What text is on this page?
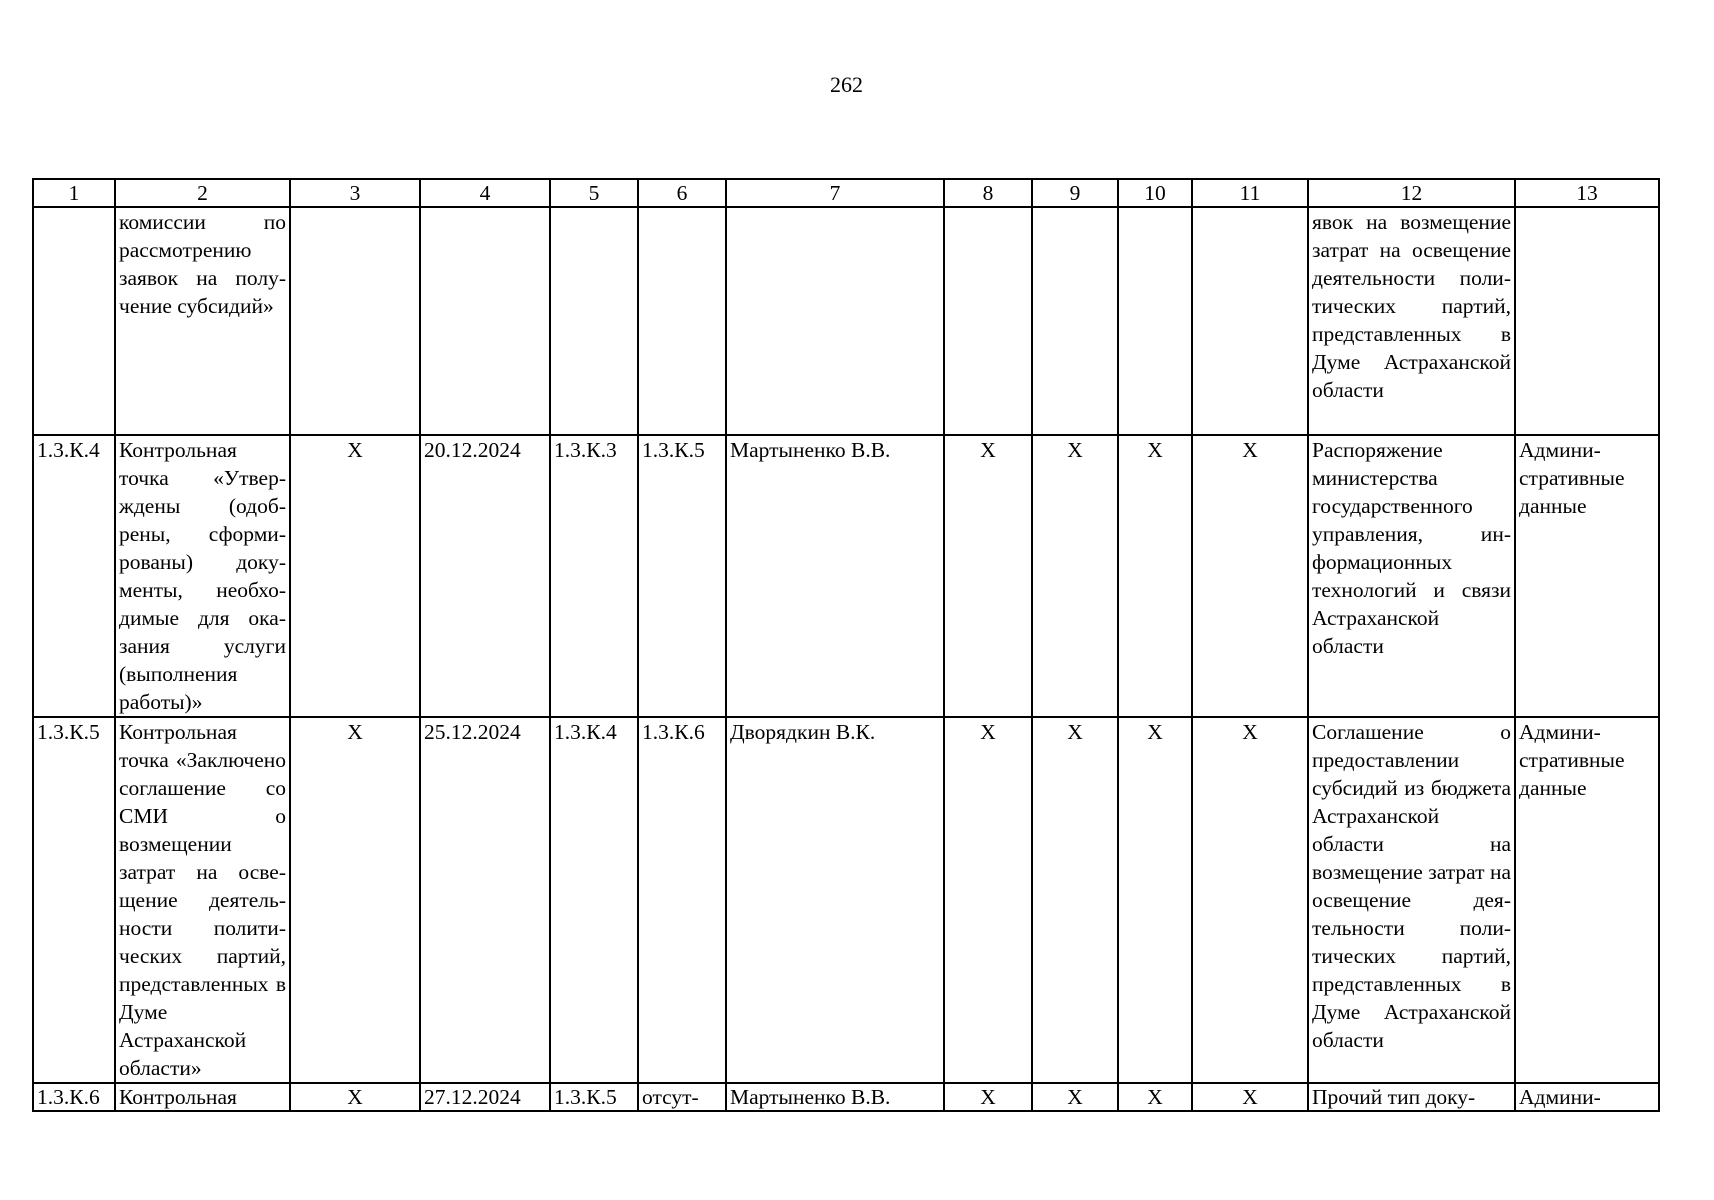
262
1	2	3	4	5	6	7	8	9	10	11	12	13
	комиссии по рассмотрению заявок на получение субсидий»										явок на возмещение затрат на освещение деятельности политических партий, представленных в Думе Астраханской области	
1.3.К.4	Контрольная точка «Утверждены (одобрены, сформированы) документы, необходимые для оказания услуги (выполнения работы)»	Х	20.12.2024	1.3.К.3	1.3.К.5	Мартыненко В.В.	Х	Х	Х	Х	Распоряжение министерства государственного управления, информационных технологий и связи Астраханской области	Административные данные
1.3.К.5	Контрольная точка «Заключено соглашение со СМИ о возмещении затрат на освещение деятельности политических партий, представленных в Думе Астраханской области»	Х	25.12.2024	1.3.К.4	1.3.К.6	Дворядкин В.К.	Х	Х	Х	Х	Соглашение о предоставлении субсидий из бюджета Астраханской области на возмещение затрат на освещение деятельности политических партий, представленных в Думе Астраханской области	Административные данные
1.3.К.6	Контрольная	Х	27.12.2024	1.3.К.5	отсут-	Мартыненко В.В.	Х	Х	Х	Х	Прочий тип доку-	Админи-
